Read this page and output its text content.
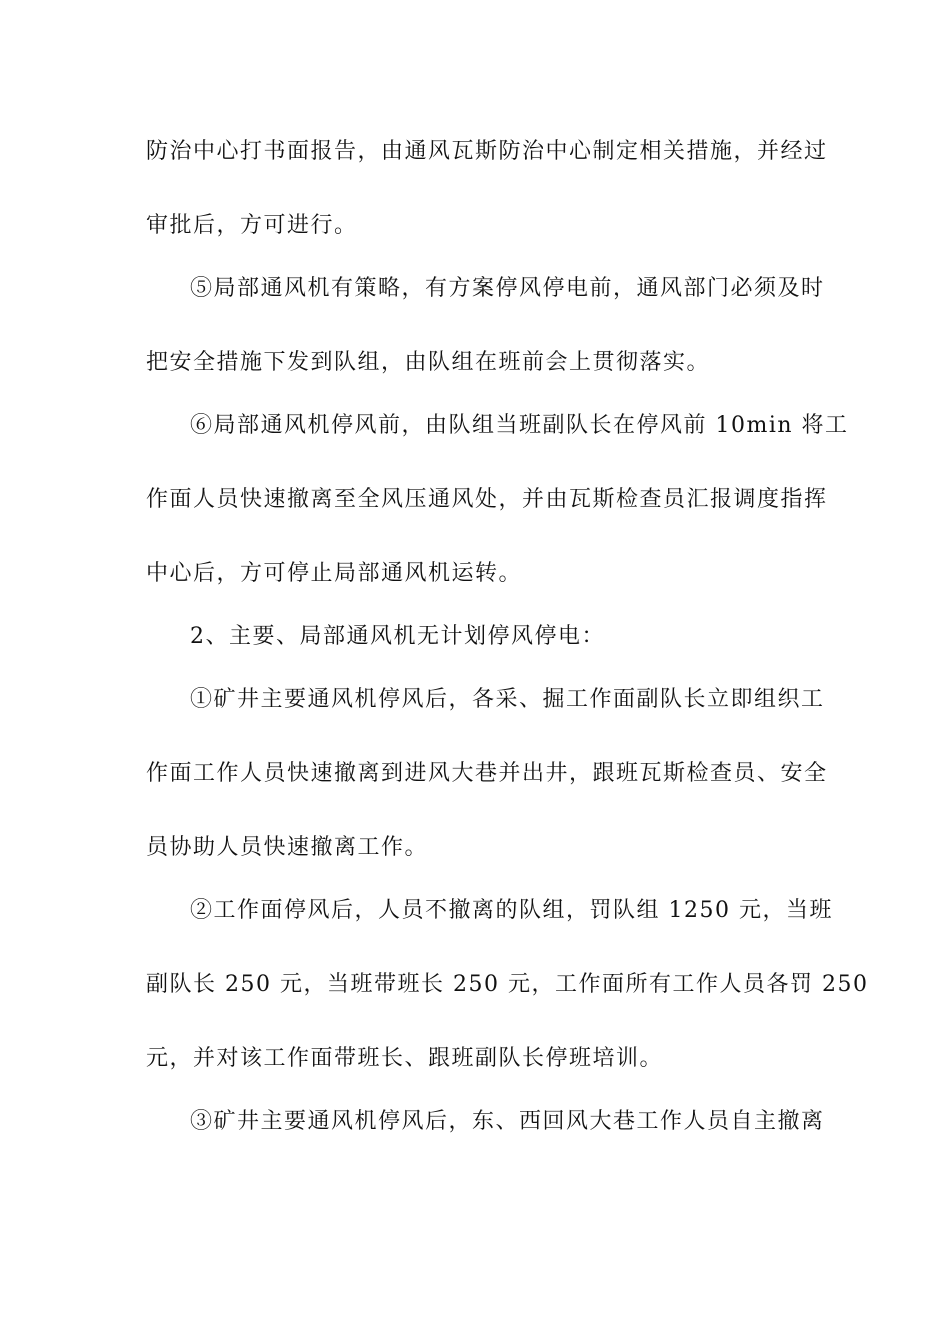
防治中心打书面报告，由通风瓦斯防治中心制定相关措施，并经过
审批后，方可进行。
⑤局部通风机有策略，有方案停风停电前，通风部门必须及时
把安全措施下发到队组，由队组在班前会上贯彻落实。
⑥局部通风机停风前，由队组当班副队长在停风前 10min 将工
作面人员快速撤离至全风压通风处，并由瓦斯检查员汇报调度指挥
中心后，方可停止局部通风机运转。
2、主要、局部通风机无计划停风停电：
①矿井主要通风机停风后，各采、掘工作面副队长立即组织工
作面工作人员快速撤离到进风大巷并出井，跟班瓦斯检查员、安全
员协助人员快速撤离工作。
②工作面停风后，人员不撤离的队组，罚队组 1250 元，当班
副队长 250 元，当班带班长 250 元，工作面所有工作人员各罚 250
元，并对该工作面带班长、跟班副队长停班培训。
③矿井主要通风机停风后，东、西回风大巷工作人员自主撤离
